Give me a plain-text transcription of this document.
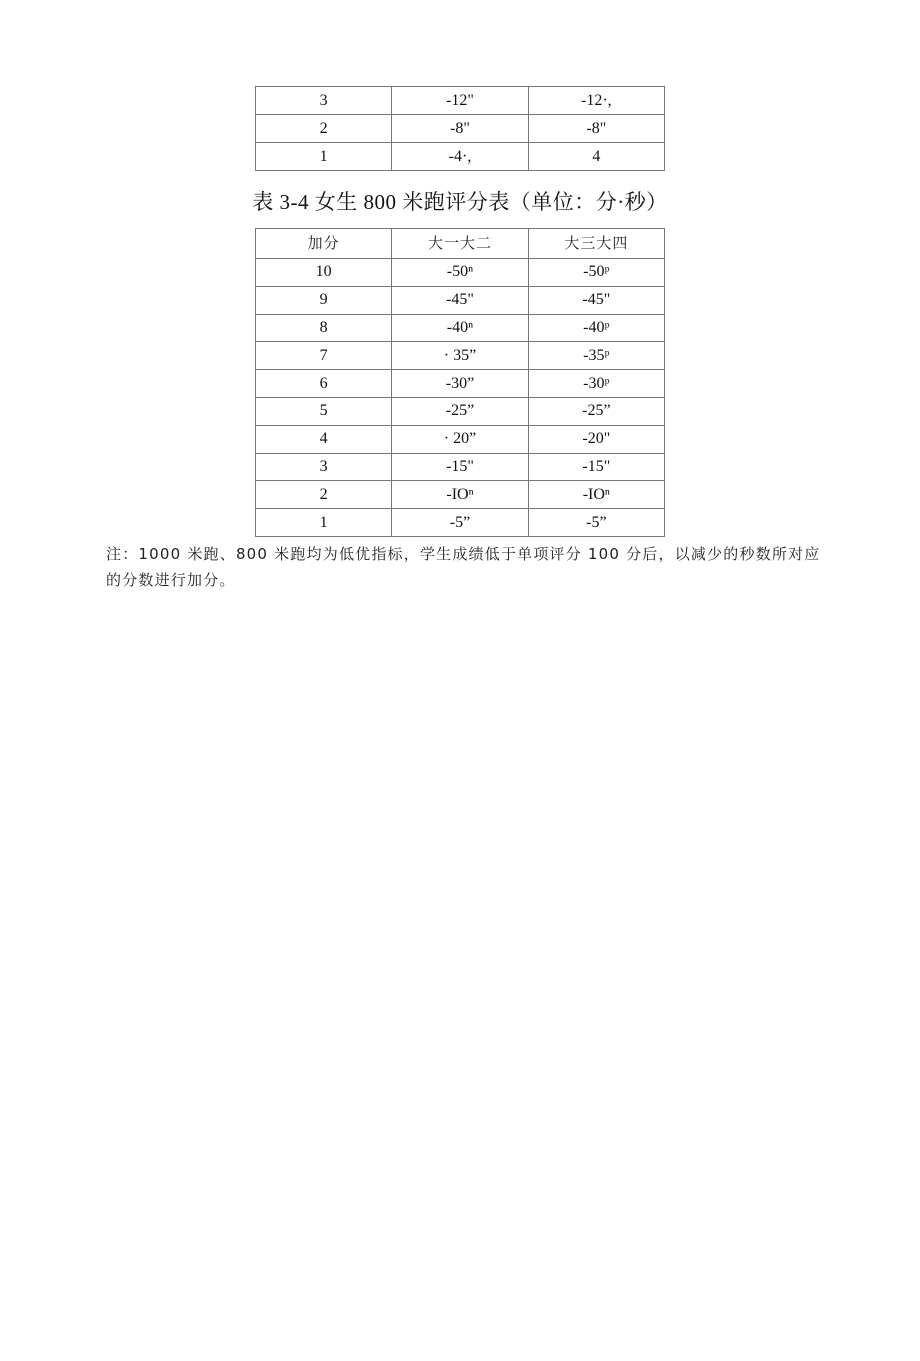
3	-12"	-12·,
2	-8"	-8"
1	-4·,	4
表 3-4 女生 800 米跑评分表（单位：分·秒）
加分	大一大二	大三大四
10	-50ⁿ	-50ᵖ
9	-45"	-45"
8	-40ⁿ	-40ᵖ
7	· 35”	-35ᵖ
6	-30”	-30ᵖ
5	-25”	-25”
4	· 20”	-20"
3	-15"	-15"
2	-IOⁿ	-IOⁿ
1	-5”	-5”
注：1000 米跑、800 米跑均为低优指标，学生成绩低于单项评分 100 分后，以减少的秒数所对应的分数进行加分。
